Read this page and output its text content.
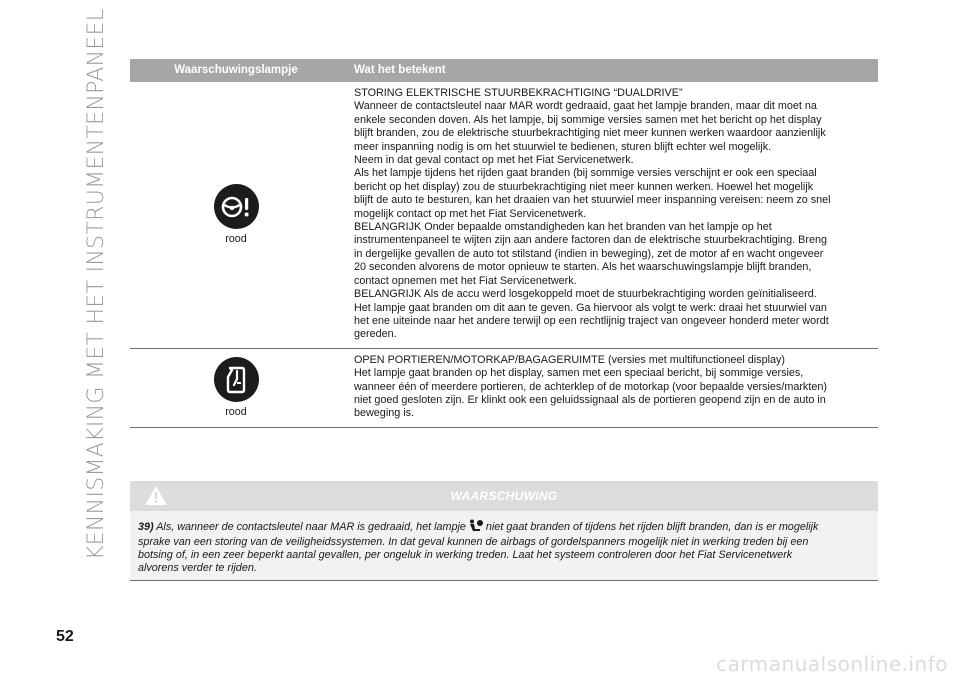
KENNISMAKING MET HET INSTRUMENTENPANEEL	Waarschuwingslampje	Wat het betekent
rood
STORING ELEKTRISCHE STUURBEKRACHTIGING “DUALDRIVE”
Wanneer de contactsleutel naar MAR wordt gedraaid, gaat het lampje branden, maar dit moet na
enkele seconden doven. Als het lampje, bij sommige versies samen met het bericht op het display
blijft branden, zou de elektrische stuurbekrachtiging niet meer kunnen werken waardoor aanzienlijk
meer inspanning nodig is om het stuurwiel te bedienen, sturen blijft echter wel mogelijk.
Neem in dat geval contact op met het Fiat Servicenetwerk.
Als het lampje tijdens het rijden gaat branden (bij sommige versies verschijnt er ook een speciaal
bericht op het display) zou de stuurbekrachtiging niet meer kunnen werken. Hoewel het mogelijk
blijft de auto te besturen, kan het draaien van het stuurwiel meer inspanning vereisen: neem zo snel
mogelijk contact op met het Fiat Servicenetwerk.
BELANGRIJK Onder bepaalde omstandigheden kan het branden van het lampje op het
instrumentenpaneel te wijten zijn aan andere factoren dan de elektrische stuurbekrachtiging. Breng
in dergelijke gevallen de auto tot stilstand (indien in beweging), zet de motor af en wacht ongeveer
20 seconden alvorens de motor opnieuw te starten. Als het waarschuwingslampje blijft branden,
contact opnemen met het Fiat Servicenetwerk.
BELANGRIJK Als de accu werd losgekoppeld moet de stuurbekrachtiging worden geïnitialiseerd.
Het lampje gaat branden om dit aan te geven. Ga hiervoor als volgt te werk: draai het stuurwiel van
het ene uiteinde naar het andere terwijl op een rechtlijnig traject van ongeveer honderd meter wordt
gereden.
rood
OPEN PORTIEREN/MOTORKAP/BAGAGERUIMTE (versies met multifunctioneel display)
Het lampje gaat branden op het display, samen met een speciaal bericht, bij sommige versies,
wanneer één of meerdere portieren, de achterklep of de motorkap (voor bepaalde versies/markten)
niet goed gesloten zijn. Er klinkt ook een geluidssignaal als de portieren geopend zijn en de auto in
beweging is.
WAARSCHUWING
39) Als, wanneer de contactsleutel naar MAR is gedraaid, het lampje niet gaat branden of tijdens het rijden blijft branden, dan is er mogelijk
sprake van een storing van de veiligheidssystemen. In dat geval kunnen de airbags of gordelspanners mogelijk niet in werking treden bij een
botsing of, in een zeer beperkt aantal gevallen, per ongeluk in werking treden. Laat het systeem controleren door het Fiat Servicenetwerk
alvorens verder te rijden.
52
carmanualsonline.info
